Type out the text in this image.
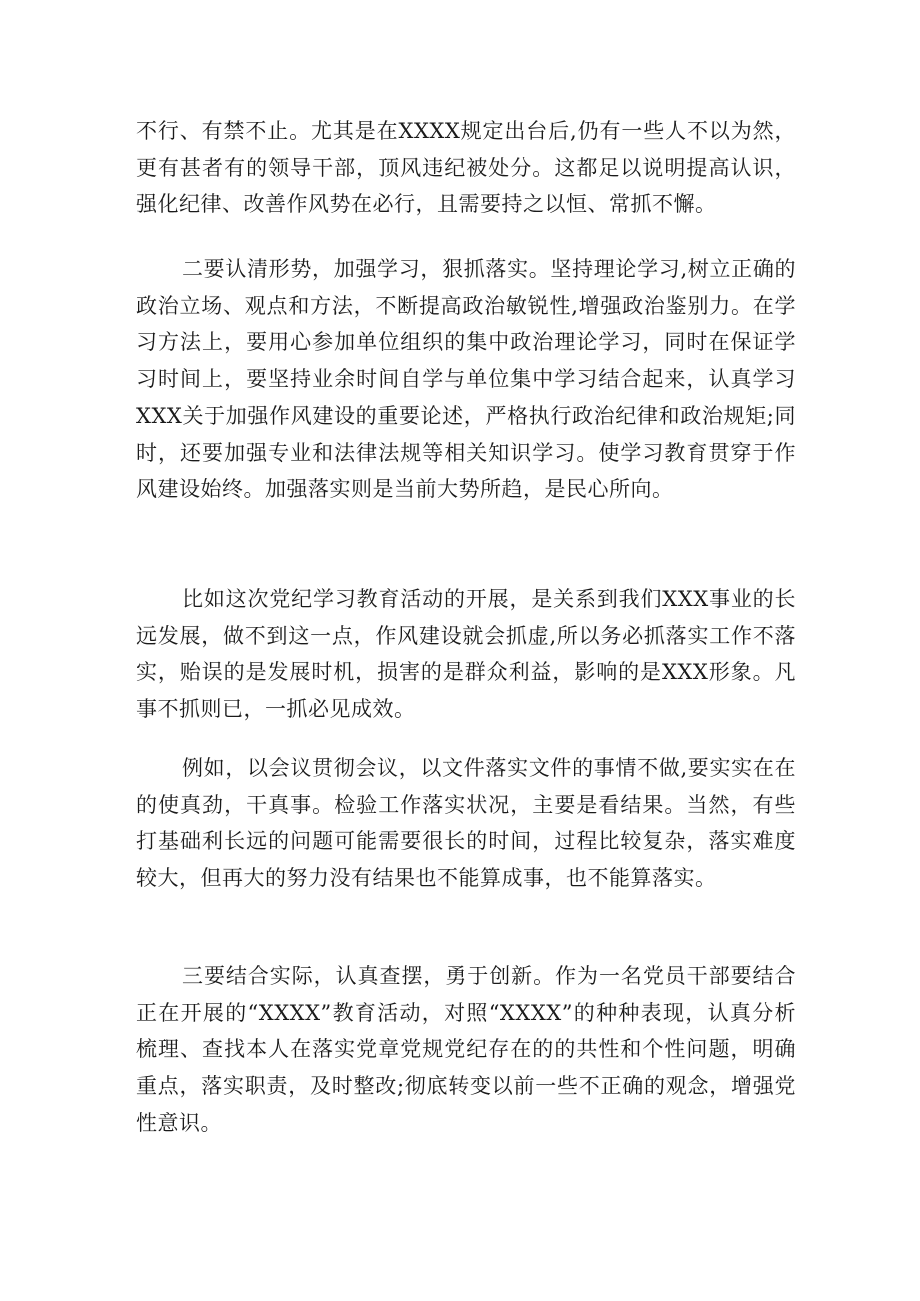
不行、有禁不止。尤其是在XXXX规定出台后,仍有一些人不以为然，更有甚者有的领导干部，顶风违纪被处分。这都足以说明提高认识，强化纪律、改善作风势在必行，且需要持之以恒、常抓不懈。

二要认清形势，加强学习，狠抓落实。坚持理论学习,树立正确的政治立场、观点和方法，不断提高政治敏锐性,增强政治鉴别力。在学习方法上，要用心参加单位组织的集中政治理论学习，同时在保证学习时间上，要坚持业余时间自学与单位集中学习结合起来，认真学习XXX关于加强作风建设的重要论述，严格执行政治纪律和政治规矩;同时，还要加强专业和法律法规等相关知识学习。使学习教育贯穿于作风建设始终。加强落实则是当前大势所趋，是民心所向。

比如这次党纪学习教育活动的开展，是关系到我们XXX事业的长远发展，做不到这一点，作风建设就会抓虚,所以务必抓落实工作不落实，贻误的是发展时机，损害的是群众利益，影响的是XXX形象。凡事不抓则已，一抓必见成效。

例如，以会议贯彻会议，以文件落实文件的事情不做,要实实在在的使真劲，干真事。检验工作落实状况，主要是看结果。当然，有些打基础利长远的问题可能需要很长的时间，过程比较复杂，落实难度较大，但再大的努力没有结果也不能算成事，也不能算落实。

三要结合实际，认真查摆，勇于创新。作为一名党员干部要结合正在开展的“XXXX”教育活动，对照“XXXX”的种种表现，认真分析梳理、查找本人在落实党章党规党纪存在的的共性和个性问题，明确重点，落实职责，及时整改;彻底转变以前一些不正确的观念，增强党性意识。
